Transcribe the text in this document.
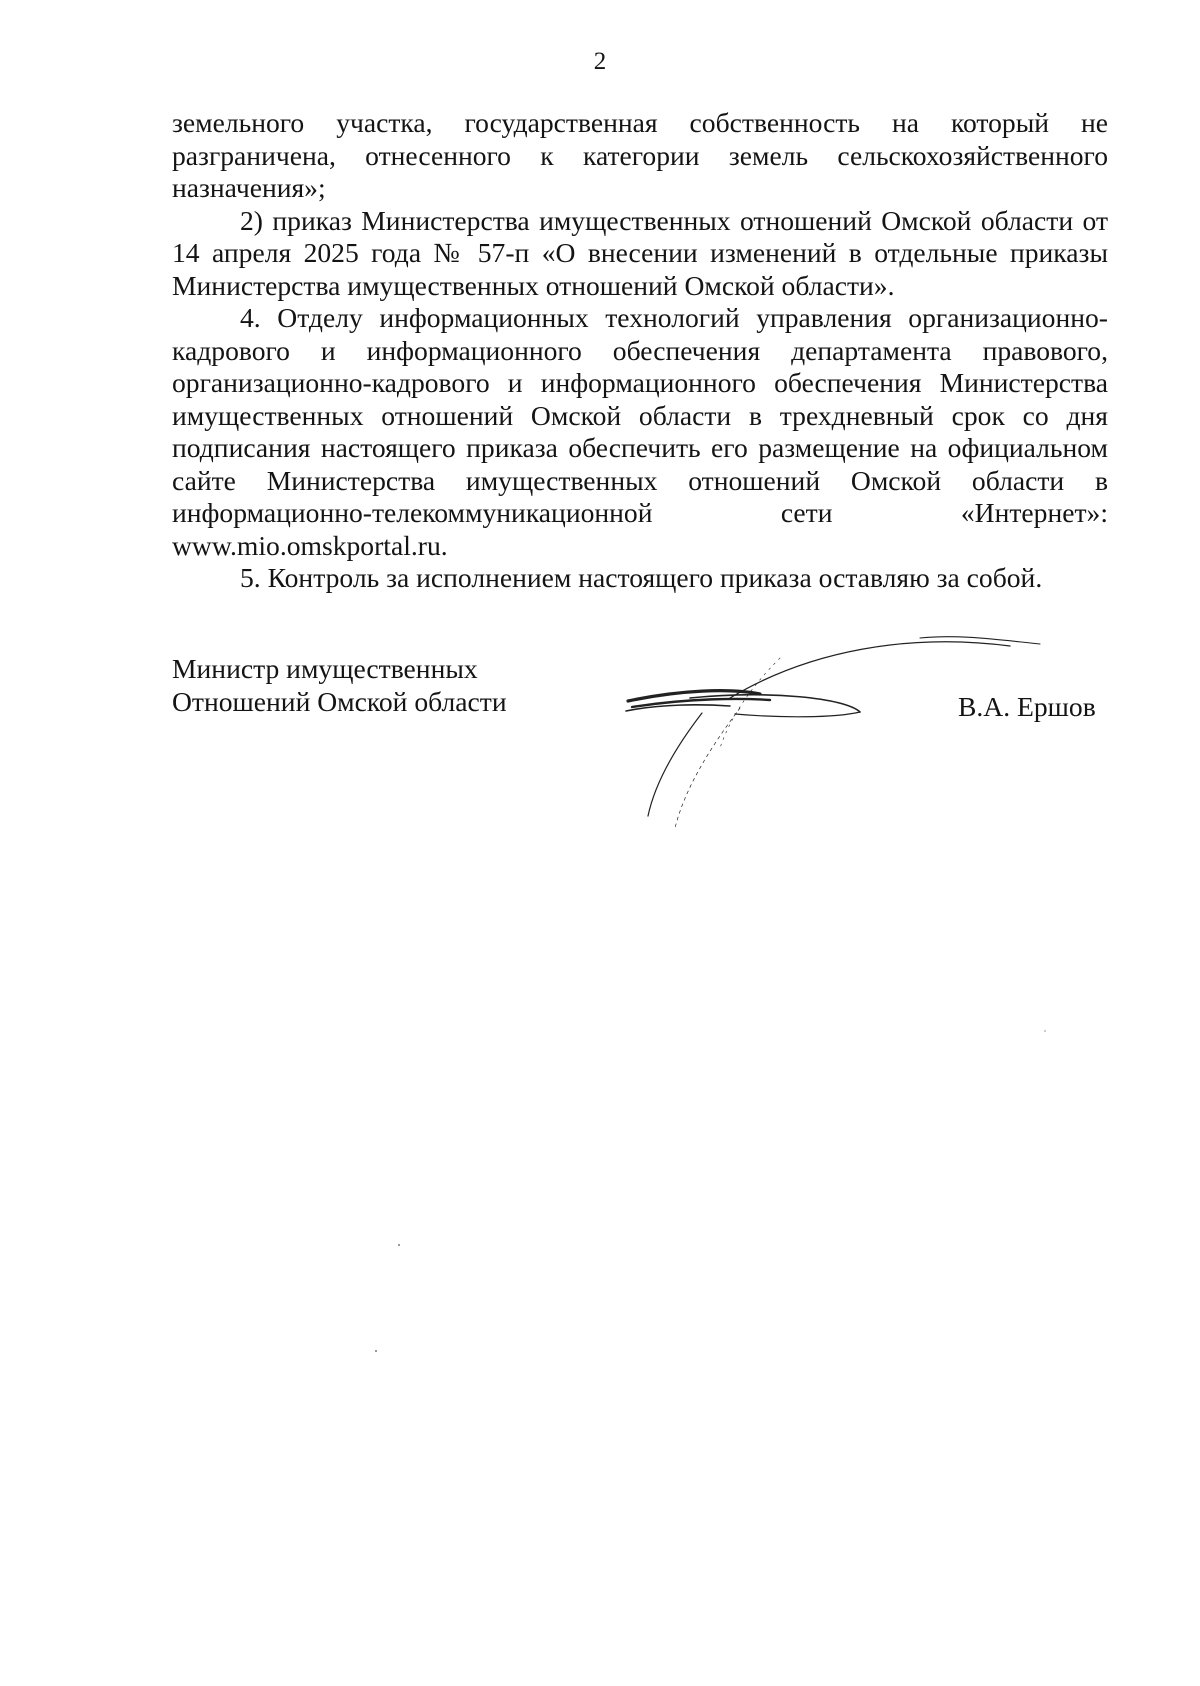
2

земельного участка, государственная собственность на который не разграничена, отнесенного к категории земель сельскохозяйственного назначения»;

2) приказ Министерства имущественных отношений Омской области от 14 апреля 2025 года № 57-п «О внесении изменений в отдельные приказы Министерства имущественных отношений Омской области».

4. Отделу информационных технологий управления организационно-кадрового и информационного обеспечения департамента правового, организационно-кадрового и информационного обеспечения Министерства имущественных отношений Омской области в трехдневный срок со дня подписания настоящего приказа обеспечить его размещение на официальном сайте Министерства имущественных отношений Омской области в информационно-телекоммуникационной сети «Интернет»: www.mio.omskportal.ru.

5. Контроль за исполнением настоящего приказа оставляю за собой.

Министр имущественных
Отношений Омской области	В.А. Ершов
